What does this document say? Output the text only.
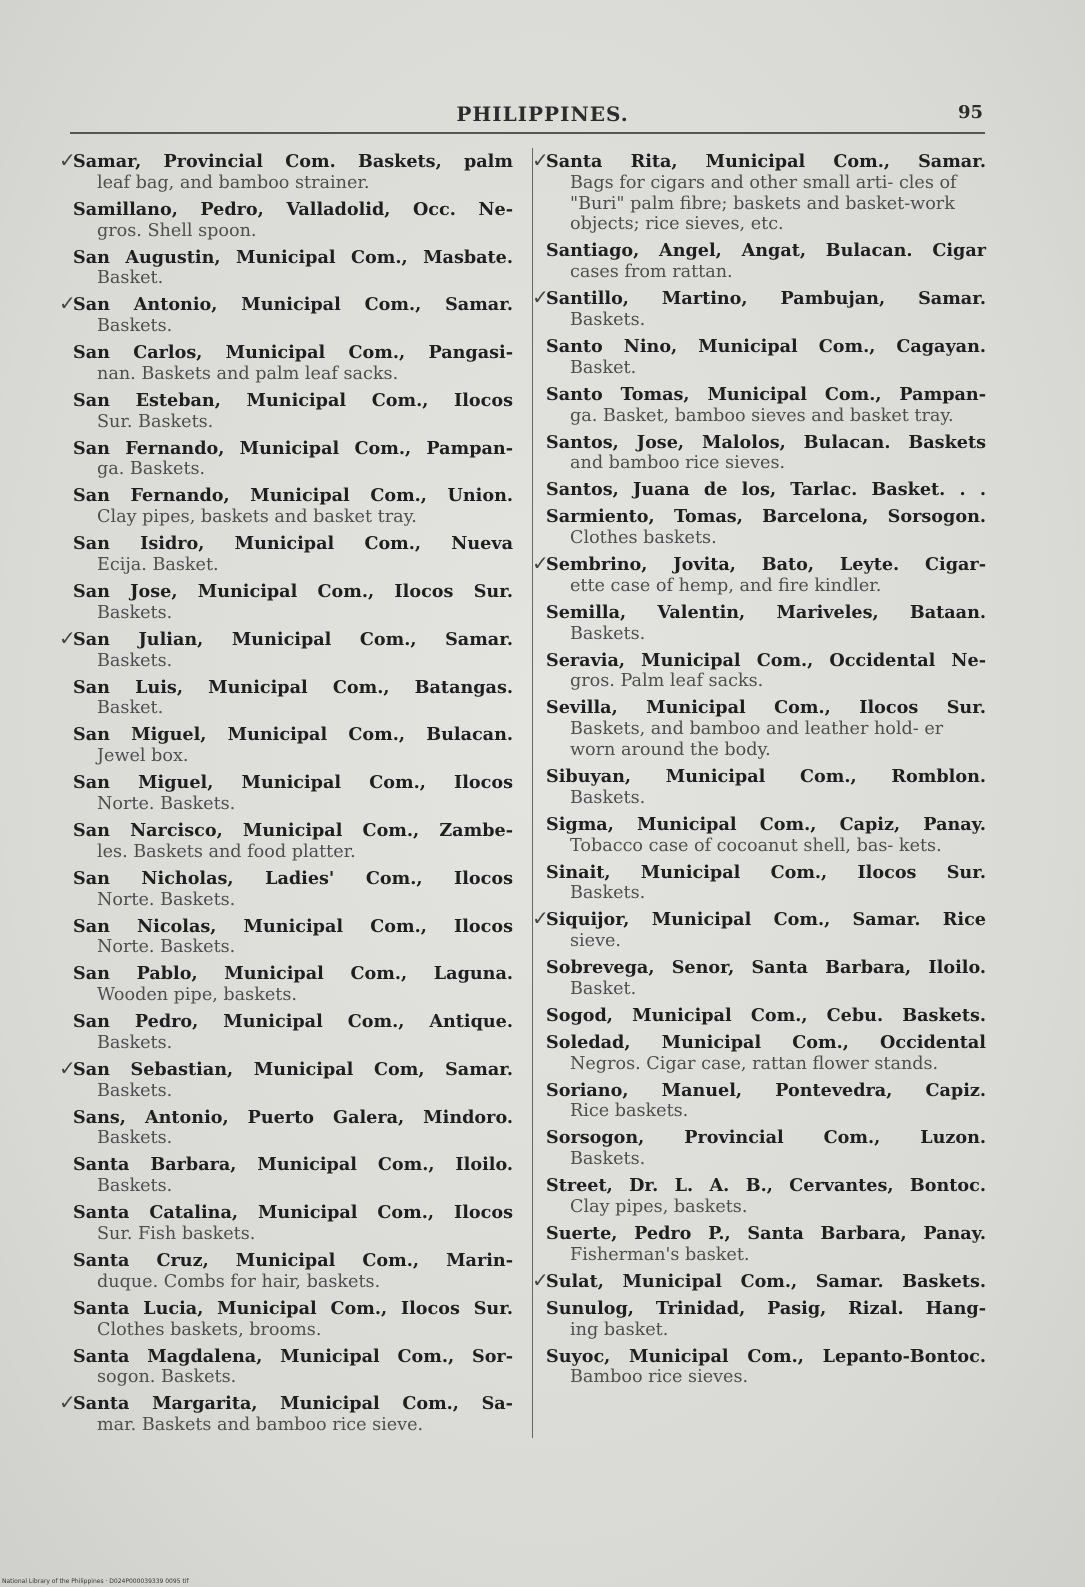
PHILIPPINES.	95
✓
Samar, Provincial Com. Baskets, palm
leaf bag, and bamboo strainer.
Samillano, Pedro, Valladolid, Occ. Ne-
gros. Shell spoon.
San Augustin, Municipal Com., Masbate.
Basket.
✓
San Antonio, Municipal Com., Samar.
Baskets.
San Carlos, Municipal Com., Pangasi-
nan. Baskets and palm leaf sacks.
San Esteban, Municipal Com., Ilocos
Sur. Baskets.
San Fernando, Municipal Com., Pampan-
ga. Baskets.
San Fernando, Municipal Com., Union.
Clay pipes, baskets and basket tray.
San Isidro, Municipal Com., Nueva
Ecija. Basket.
San Jose, Municipal Com., Ilocos Sur.
Baskets.
✓
San Julian, Municipal Com., Samar.
Baskets.
San Luis, Municipal Com., Batangas.
Basket.
San Miguel, Municipal Com., Bulacan.
Jewel box.
San Miguel, Municipal Com., Ilocos
Norte. Baskets.
San Narcisco, Municipal Com., Zambe-
les. Baskets and food platter.
San Nicholas, Ladies' Com., Ilocos
Norte. Baskets.
San Nicolas, Municipal Com., Ilocos
Norte. Baskets.
San Pablo, Municipal Com., Laguna.
Wooden pipe, baskets.
San Pedro, Municipal Com., Antique.
Baskets.
✓
San Sebastian, Municipal Com, Samar.
Baskets.
Sans, Antonio, Puerto Galera, Mindoro.
Baskets.
Santa Barbara, Municipal Com., Iloilo.
Baskets.
Santa Catalina, Municipal Com., Ilocos
Sur. Fish baskets.
Santa Cruz, Municipal Com., Marin-
duque. Combs for hair, baskets.
Santa Lucia, Municipal Com., Ilocos Sur.
Clothes baskets, brooms.
Santa Magdalena, Municipal Com., Sor-
sogon. Baskets.
✓
Santa Margarita, Municipal Com., Sa-
mar. Baskets and bamboo rice sieve.
✓
Santa Rita, Municipal Com., Samar.
Bags for cigars and other small arti- cles of "Buri" palm fibre; baskets and basket-work objects; rice sieves, etc.
Santiago, Angel, Angat, Bulacan. Cigar
cases from rattan.
✓
Santillo, Martino, Pambujan, Samar.
Baskets.
Santo Nino, Municipal Com., Cagayan.
Basket.
Santo Tomas, Municipal Com., Pampan-
ga. Basket, bamboo sieves and basket tray.
Santos, Jose, Malolos, Bulacan. Baskets
and bamboo rice sieves.
Santos, Juana de los, Tarlac. Basket. . .
Sarmiento, Tomas, Barcelona, Sorsogon.
Clothes baskets.
✓
Sembrino, Jovita, Bato, Leyte. Cigar-
ette case of hemp, and fire kindler.
Semilla, Valentin, Mariveles, Bataan.
Baskets.
Seravia, Municipal Com., Occidental Ne-
gros. Palm leaf sacks.
Sevilla, Municipal Com., Ilocos Sur.
Baskets, and bamboo and leather hold- er worn around the body.
Sibuyan, Municipal Com., Romblon.
Baskets.
Sigma, Municipal Com., Capiz, Panay.
Tobacco case of cocoanut shell, bas- kets.
Sinait, Municipal Com., Ilocos Sur.
Baskets.
✓
Siquijor, Municipal Com., Samar. Rice
sieve.
Sobrevega, Senor, Santa Barbara, Iloilo.
Basket.
Sogod, Municipal Com., Cebu. Baskets.
Soledad, Municipal Com., Occidental
Negros. Cigar case, rattan flower stands.
Soriano, Manuel, Pontevedra, Capiz.
Rice baskets.
Sorsogon, Provincial Com., Luzon.
Baskets.
Street, Dr. L. A. B., Cervantes, Bontoc.
Clay pipes, baskets.
Suerte, Pedro P., Santa Barbara, Panay.
Fisherman's basket.
✓
Sulat, Municipal Com., Samar. Baskets.
Sunulog, Trinidad, Pasig, Rizal. Hang-
ing basket.
Suyoc, Municipal Com., Lepanto-Bontoc.
Bamboo rice sieves.
National Library of the Philippines · D024P000039339 0095 tif
